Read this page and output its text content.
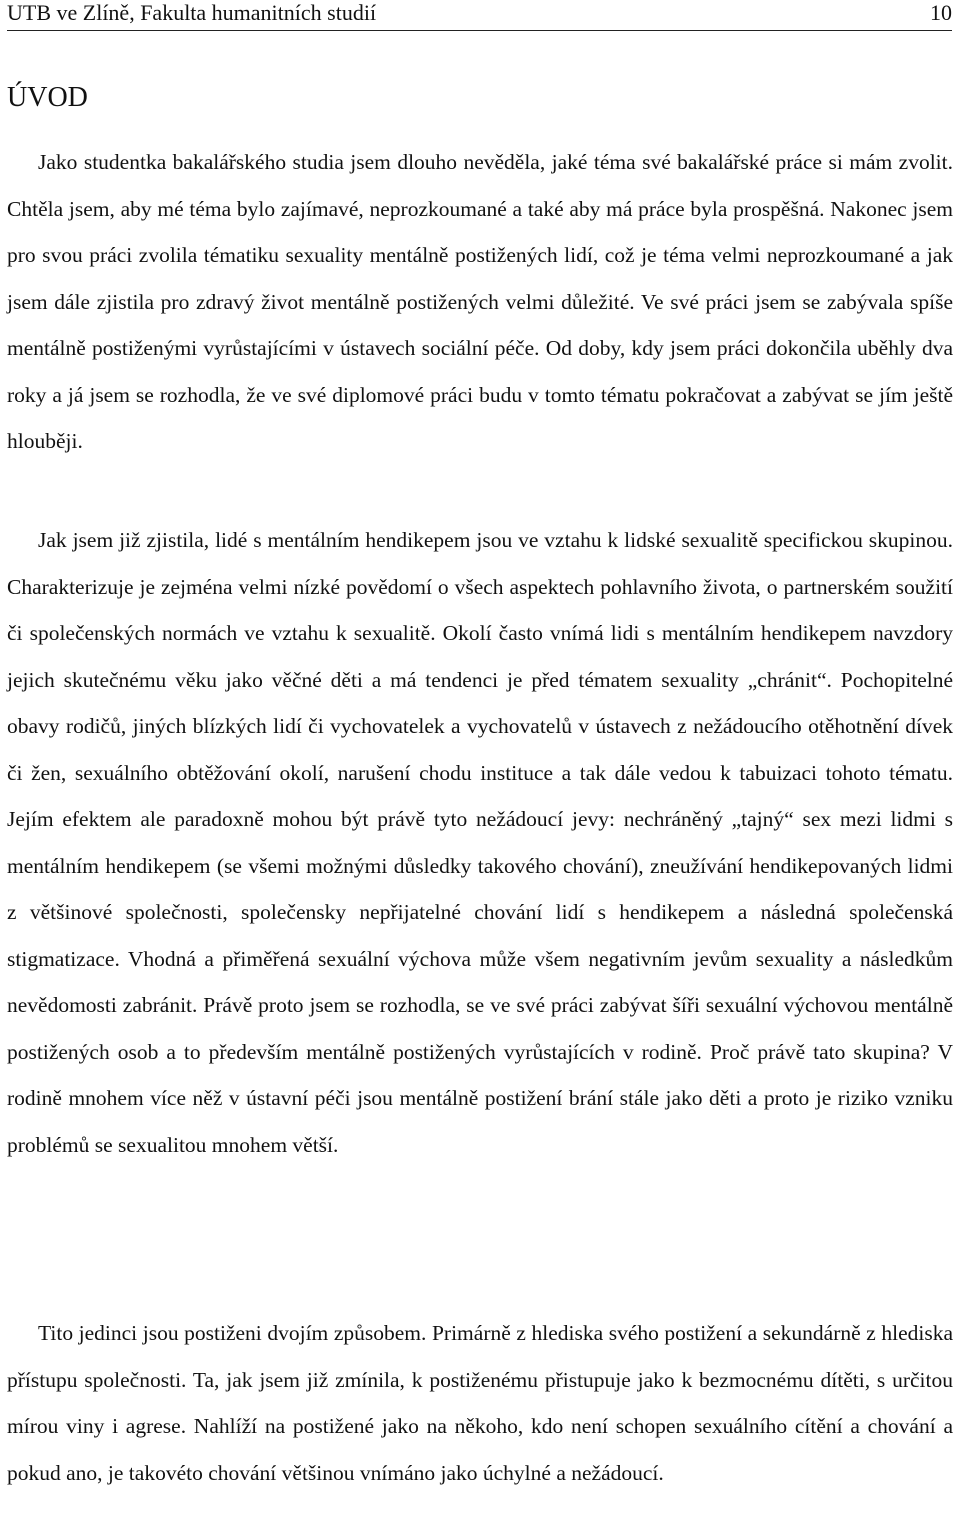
UTB ve Zlíně, Fakulta humanitních studií	10
ÚVOD

Jako studentka bakalářského studia jsem dlouho nevěděla, jaké téma své bakalářské práce si mám zvolit. Chtěla jsem, aby mé téma bylo zajímavé, neprozkoumané a také aby má práce byla prospěšná. Nakonec jsem pro svou práci zvolila tématiku sexuality mentálně postižených lidí, což je téma velmi neprozkoumané a jak jsem dále zjistila pro zdravý život mentálně postižených velmi důležité. Ve své práci jsem se zabývala spíše mentálně postiženými vyrůstajícími v ústavech sociální péče. Od doby, kdy jsem práci dokončila uběhly dva roky a já jsem se rozhodla, že ve své diplomové práci budu v tomto tématu pokračovat a zabývat se jím ještě hlouběji.

Jak jsem již zjistila, lidé s mentálním hendikepem jsou ve vztahu k lidské sexualitě specifickou skupinou. Charakterizuje je zejména velmi nízké povědomí o všech aspektech pohlavního života, o partnerském soužití či společenských normách ve vztahu k sexualitě. Okolí často vnímá lidi s mentálním hendikepem navzdory jejich skutečnému věku jako věčné děti a má tendenci je před tématem sexuality „chránit“. Pochopitelné obavy rodičů, jiných blízkých lidí či vychovatelek a vychovatelů v ústavech z nežádoucího otěhotnění dívek či žen, sexuálního obtěžování okolí, narušení chodu instituce a tak dále vedou k tabuizaci tohoto tématu. Jejím efektem ale paradoxně mohou být právě tyto nežádoucí jevy: nechráněný „tajný“ sex mezi lidmi s mentálním hendikepem (se všemi možnými důsledky takového chování), zneužívání hendikepovaných lidmi z většinové společnosti, společensky nepřijatelné chování lidí s hendikepem a následná společenská stigmatizace. Vhodná a přiměřená sexuální výchova může všem negativním jevům sexuality a následkům nevědomosti zabránit. Právě proto jsem se rozhodla, se ve své práci zabývat šíři sexuální výchovou mentálně postižených osob a to především mentálně postižených vyrůstajících v rodině. Proč právě tato skupina? V rodině mnohem více něž v ústavní péči jsou mentálně postižení brání stále jako děti a proto je riziko vzniku problémů se sexualitou mnohem větší.

Tito jedinci jsou postiženi dvojím způsobem. Primárně z hlediska svého postižení a sekundárně z hlediska přístupu společnosti. Ta, jak jsem již zmínila, k postiženému přistupuje jako k bezmocnému dítěti, s určitou mírou viny i agrese. Nahlíží na postižené jako na někoho, kdo není schopen sexuálního cítění a chování a pokud ano, je takovéto chování většinou vnímáno jako úchylné a nežádoucí.
